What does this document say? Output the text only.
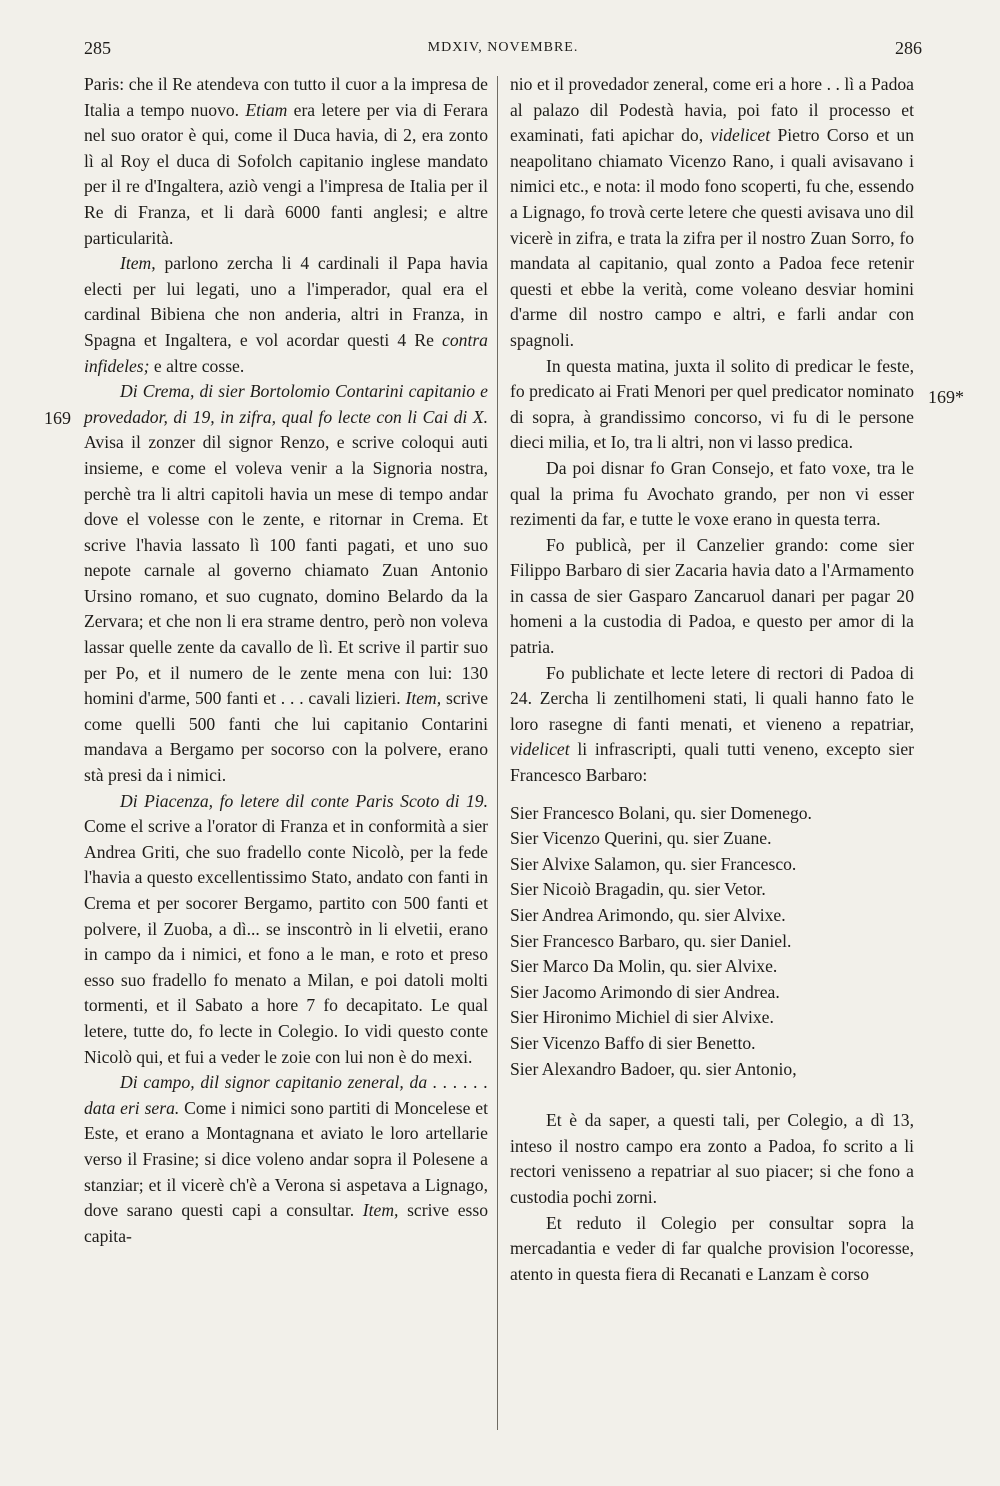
285	MDXIV, NOVEMBRE.	286
169
169*

Paris: che il Re atendeva con tutto il cuor a la impresa de Italia a tempo nuovo. Etiam era letere per via di Ferara nel suo orator è qui, come il Duca havia, di 2, era zonto lì al Roy el duca di Sofolch capitanio inglese mandato per il re d'Ingaltera, aziò vengi a l'impresa de Italia per il Re di Franza, et li darà 6000 fanti anglesi; e altre particularità.

Item, parlono zercha li 4 cardinali il Papa havia electi per lui legati, uno a l'imperador, qual era el cardinal Bibiena che non anderia, altri in Franza, in Spagna et Ingaltera, e vol acordar questi 4 Re contra infideles; e altre cosse.

Di Crema, di sier Bortolomio Contarini capitanio e provedador, di 19, in zifra, qual fo lecte con li Cai di X. Avisa il zonzer dil signor Renzo, e scrive coloqui auti insieme, e come el voleva venir a la Signoria nostra, perchè tra li altri capitoli havia un mese di tempo andar dove el volesse con le zente, e ritornar in Crema. Et scrive l'havia lassato lì 100 fanti pagati, et uno suo nepote carnale al governo chiamato Zuan Antonio Ursino romano, et suo cugnato, domino Belardo da la Zervara; et che non li era strame dentro, però non voleva lassar quelle zente da cavallo de lì. Et scrive il partir suo per Po, et il numero de le zente mena con lui: 130 homini d'arme, 500 fanti et . . . cavali lizieri. Item, scrive come quelli 500 fanti che lui capitanio Contarini mandava a Bergamo per socorso con la polvere, erano stà presi da i nimici.

Di Piacenza, fo letere dil conte Paris Scoto di 19. Come el scrive a l'orator di Franza et in conformità a sier Andrea Griti, che suo fradello conte Nicolò, per la fede l'havia a questo excellentissimo Stato, andato con fanti in Crema et per socorer Bergamo, partito con 500 fanti et polvere, il Zuoba, a dì... se inscontrò in li elvetii, erano in campo da i nimici, et fono a le man, e roto et preso esso suo fradello fo menato a Milan, e poi datoli molti tormenti, et il Sabato a hore 7 fo decapitato. Le qual letere, tutte do, fo lecte in Colegio. Io vidi questo conte Nicolò qui, et fui a veder le zoie con lui non è do mexi.

Di campo, dil signor capitanio zeneral, da . . . . . . data eri sera. Come i nimici sono partiti di Moncelese et Este, et erano a Montagnana et aviato le loro artellarie verso il Frasine; si dice voleno andar sopra il Polesene a stanziar; et il vicerè ch'è a Verona si aspetava a Lignago, dove sarano questi capi a consultar. Item, scrive esso capita-

nio et il provedador zeneral, come eri a hore . . lì a Padoa al palazo dil Podestà havia, poi fato il processo et examinati, fati apichar do, videlicet Pietro Corso et un neapolitano chiamato Vicenzo Rano, i quali avisavano i nimici etc., e nota: il modo fono scoperti, fu che, essendo a Lignago, fo trovà certe letere che questi avisava uno dil vicerè in zifra, e trata la zifra per il nostro Zuan Sorro, fo mandata al capitanio, qual zonto a Padoa fece retenir questi et ebbe la verità, come voleano desviar homini d'arme dil nostro campo e altri, e farli andar con spagnoli.

In questa matina, juxta il solito di predicar le feste, fo predicato ai Frati Menori per quel predicator nominato di sopra, à grandissimo concorso, vi fu di le persone dieci milia, et Io, tra li altri, non vi lasso predica.

Da poi disnar fo Gran Consejo, et fato voxe, tra le qual la prima fu Avochato grando, per non vi esser rezimenti da far, e tutte le voxe erano in questa terra.

Fo publicà, per il Canzelier grando: come sier Filippo Barbaro di sier Zacaria havia dato a l'Armamento in cassa de sier Gasparo Zancaruol danari per pagar 20 homeni a la custodia di Padoa, e questo per amor di la patria.

Fo publichate et lecte letere di rectori di Padoa di 24. Zercha li zentilhomeni stati, li quali hanno fato le loro rasegne di fanti menati, et vieneno a repatriar, videlicet li infrascripti, quali tutti veneno, excepto sier Francesco Barbaro:

Sier Francesco Bolani, qu. sier Domenego.
Sier Vicenzo Querini, qu. sier Zuane.
Sier Alvixe Salamon, qu. sier Francesco.
Sier Nicoiò Bragadin, qu. sier Vetor.
Sier Andrea Arimondo, qu. sier Alvixe.
Sier Francesco Barbaro, qu. sier Daniel.
Sier Marco Da Molin, qu. sier Alvixe.
Sier Jacomo Arimondo di sier Andrea.
Sier Hironimo Michiel di sier Alvixe.
Sier Vicenzo Baffo di sier Benetto.
Sier Alexandro Badoer, qu. sier Antonio,

Et è da saper, a questi tali, per Colegio, a dì 13, inteso il nostro campo era zonto a Padoa, fo scrito a li rectori venisseno a repatriar al suo piacer; si che fono a custodia pochi zorni.

Et reduto il Colegio per consultar sopra la mercadantia e veder di far qualche provision l'ocoresse, atento in questa fiera di Recanati e Lanzam è corso
